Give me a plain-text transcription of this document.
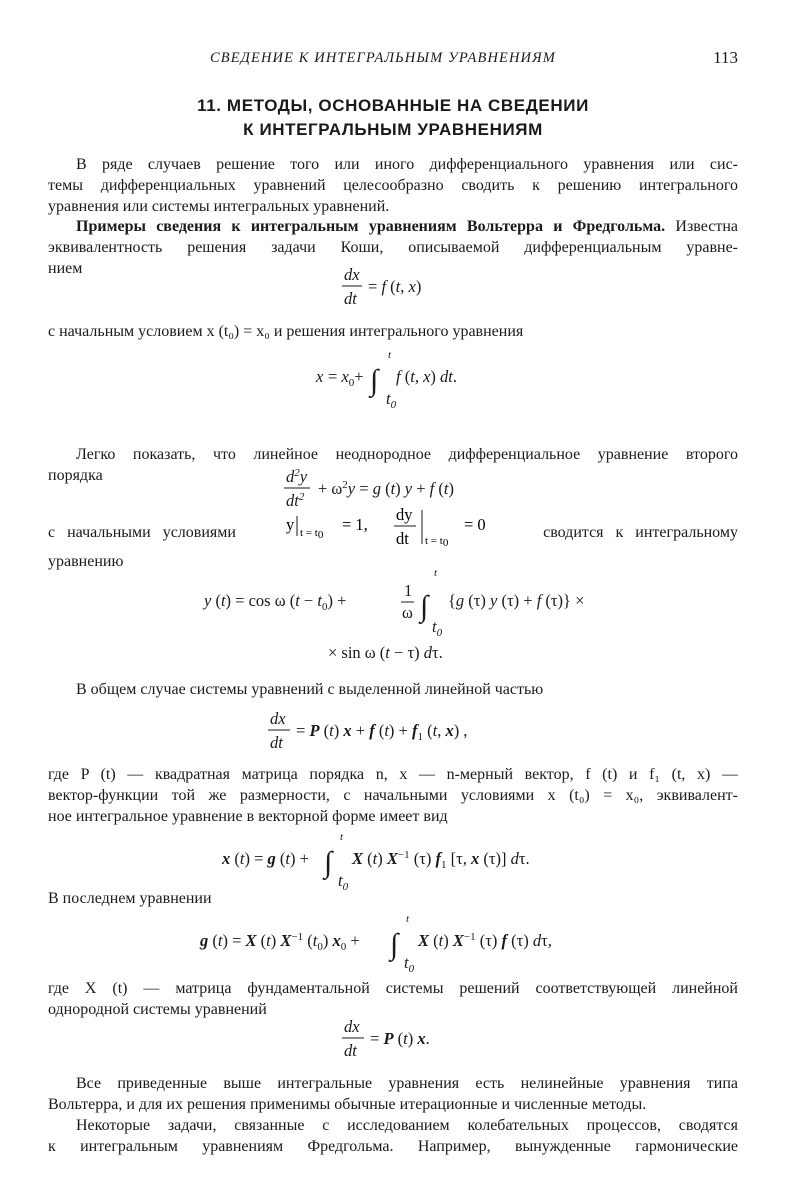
СВЕДЕНИЕ К ИНТЕГРАЛЬНЫМ УРАВНЕНИЯМ	113
11. МЕТОДЫ, ОСНОВАННЫЕ НА СВЕДЕНИИ
К ИНТЕГРАЛЬНЫМ УРАВНЕНИЯМ
В ряде случаев решение того или иного дифференциального уравнения или сис-
темы дифференциальных уравнений целесообразно сводить к решению интегрального
уравнения или системы интегральных уравнений.
Примеры сведения к интегральным уравнениям Вольтерра и Фредгольма. Известна
эквивалентность решения задачи Коши, описываемой дифференциальным уравне-
нием	dx
dt
= f (t, x)
с начальным условием x (t₀) = x₀ и решения интегрального уравнения
$x = x_0+$ ∫
t
$t_0$
f (t, x) dt.
Легко показать, что линейное неоднородное дифференциальное уравнение второго
порядка	$d^2y$
$dt^2 + \omega^2y = g$ (t) y + f (t)
с начальными условиями	y t = t0
= 1,
dy
dt t = t0
= 0	сводится к интегральному
уравнению
y (t) = cos ω $(t - t_0)$ +
1
ω ∫
t
$t_0$
{g (τ) y (τ) + f (τ)} ×
× sin ω (t − τ) dτ.
В общем случае системы уравнений с выделенной линейной частью
dx
dt
= P (t) x + f $(t) + f_1$ (t, x) ,
где P (t) — квадратная матрица порядка n, x — n-мерный вектор, f (t) и f₁ (t, x) —
вектор-функции той же размерности, с начальными условиями x (t₀) = x₀, эквивалент-
ное интегральное уравнение в векторной форме имеет вид
x (t) = g (t) + ∫
t
$t_0$
X (t) $X^{-1}$ (τ) $f_1$ [τ, x (τ)] dτ.
В последнем уравнении
g (t) = X (t) $X^{-1}$ $(t_0) x_0$ + ∫
t
$t_0$
X (t) $X^{-1}$ (τ) f (τ) dτ,
где X (t) — матрица фундаментальной системы решений соответствующей линейной
однородной системы уравнений
dx
dt
= P (t) x.
Все приведенные выше интегральные уравнения есть нелинейные уравнения типа
Вольтерра, и для их решения применимы обычные итерационные и численные методы.
Некоторые задачи, связанные с исследованием колебательных процессов, сводятся
к интегральным уравнениям Фредгольма. Например, вынужденные гармонические
